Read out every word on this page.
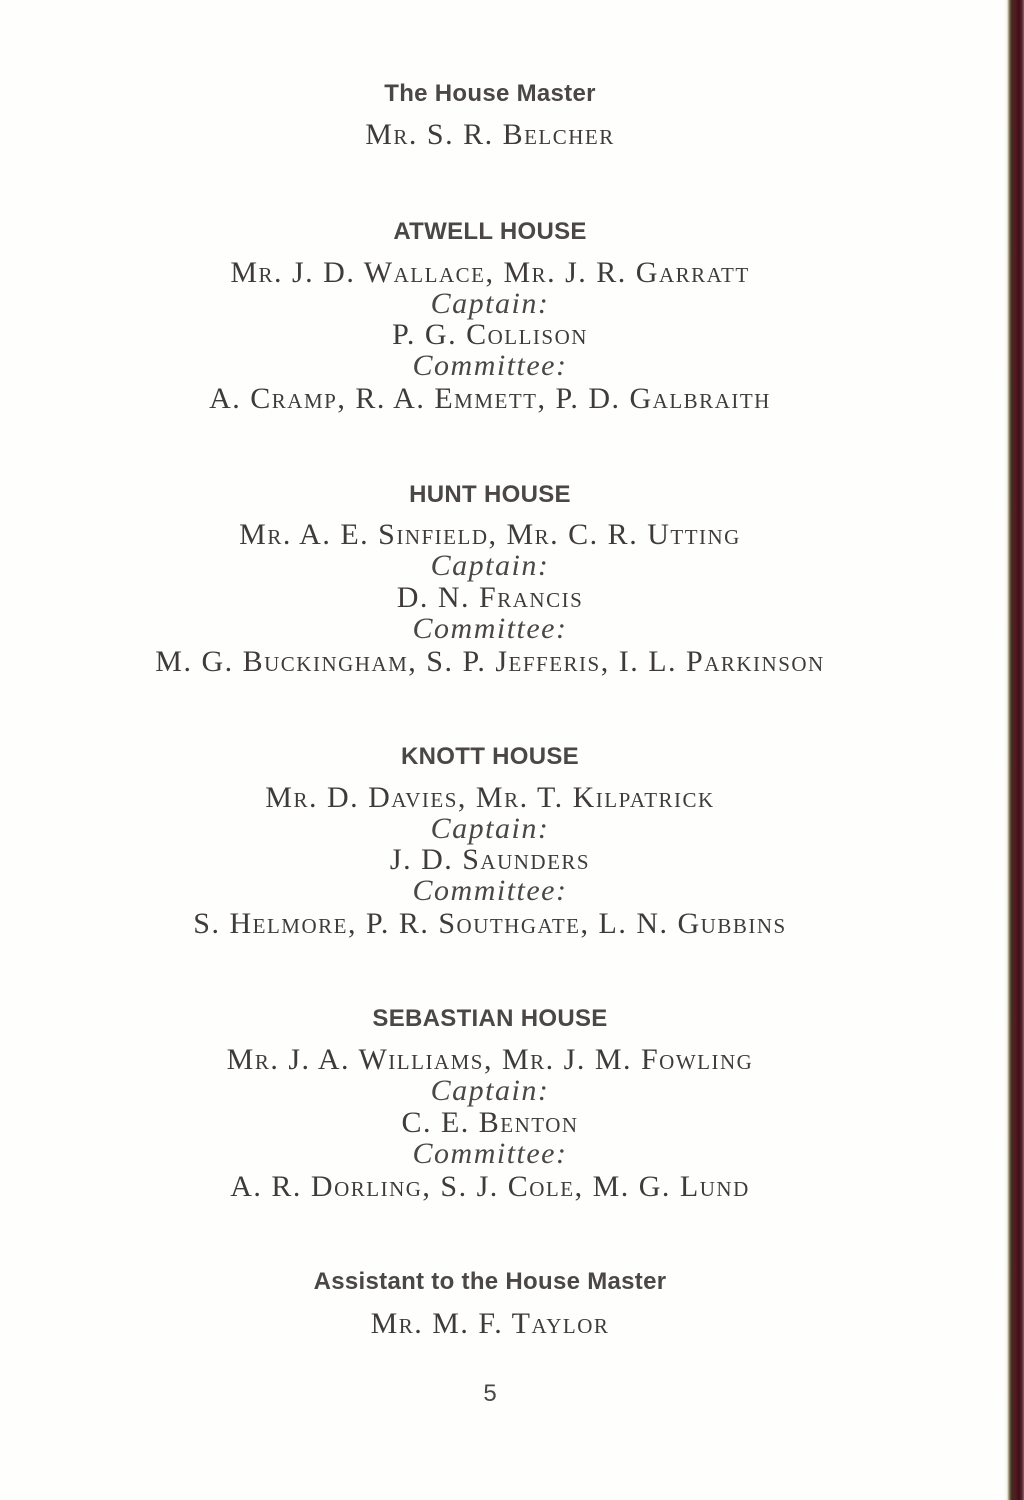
The House Master
Mr. S. R. Belcher
ATWELL HOUSE
Mr. J. D. Wallace, Mr. J. R. Garratt
Captain:
P. G. Collison
Committee:
A. Cramp, R. A. Emmett, P. D. Galbraith
HUNT HOUSE
Mr. A. E. Sinfield, Mr. C. R. Utting
Captain:
D. N. Francis
Committee:
M. G. Buckingham, S. P. Jefferis, I. L. Parkinson
KNOTT HOUSE
Mr. D. Davies, Mr. T. Kilpatrick
Captain:
J. D. Saunders
Committee:
S. Helmore, P. R. Southgate, L. N. Gubbins
SEBASTIAN HOUSE
Mr. J. A. Williams, Mr. J. M. Fowling
Captain:
C. E. Benton
Committee:
A. R. Dorling, S. J. Cole, M. G. Lund
Assistant to the House Master
Mr. M. F. Taylor
5
